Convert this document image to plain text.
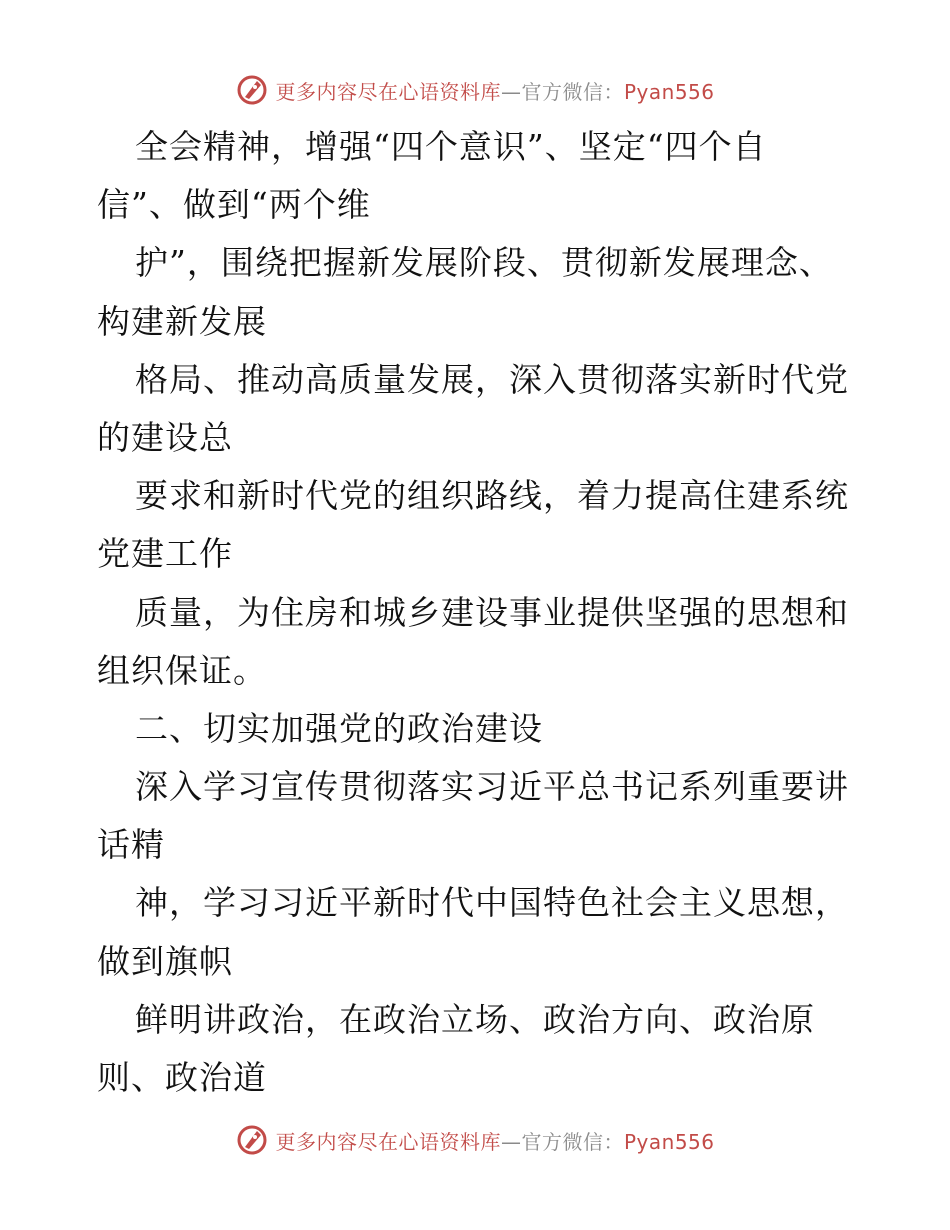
更多内容尽在心语资料库—官方微信：Pyan556
全会精神，增强“四个意识”、坚定“四个自
信”、做到“两个维
护”，围绕把握新发展阶段、贯彻新发展理念、
构建新发展
格局、推动高质量发展，深入贯彻落实新时代党
的建设总
要求和新时代党的组织路线，着力提高住建系统
党建工作
质量，为住房和城乡建设事业提供坚强的思想和
组织保证。
二、切实加强党的政治建设
深入学习宣传贯彻落实习近平总书记系列重要讲
话精
神，学习习近平新时代中国特色社会主义思想，
做到旗帜
鲜明讲政治，在政治立场、政治方向、政治原
则、政治道
更多内容尽在心语资料库—官方微信：Pyan556
